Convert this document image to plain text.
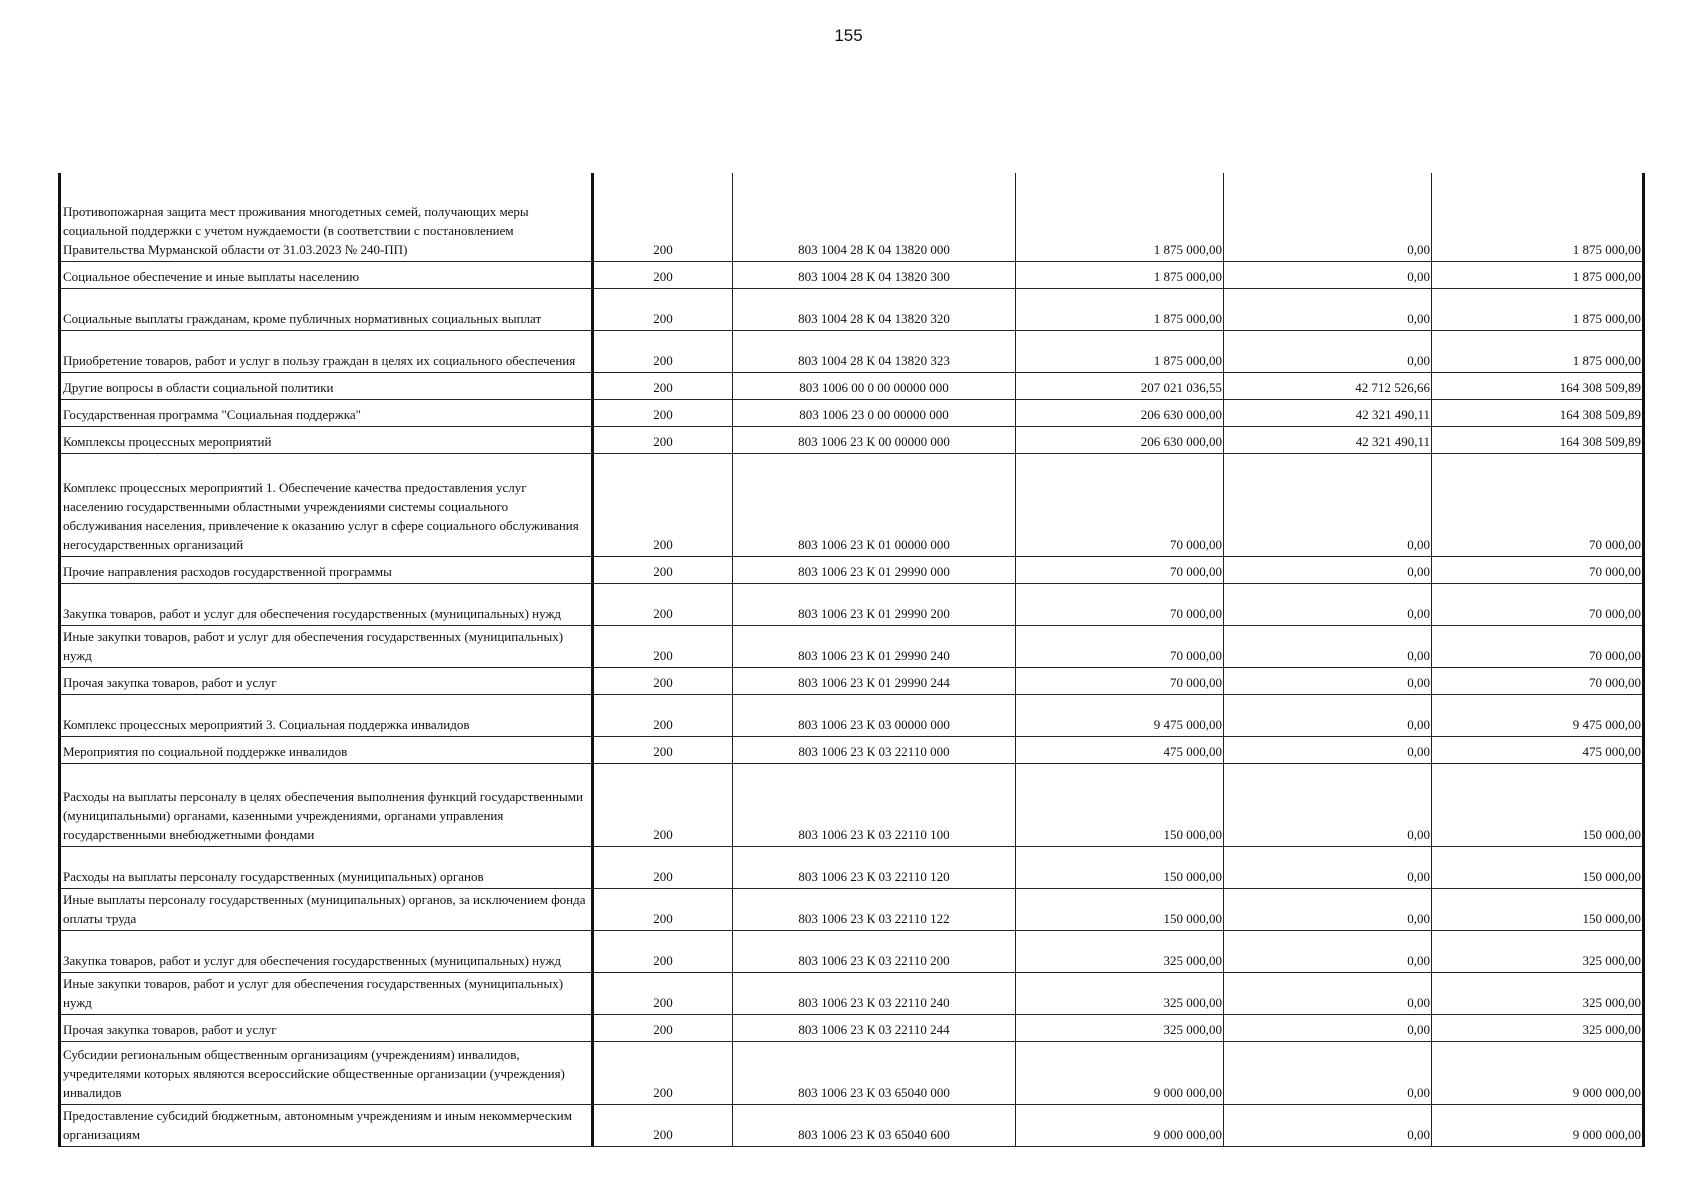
155
Противопожарная защита мест проживания многодетных семей, получающих меры социальной поддержки с учетом нуждаемости (в соответствии с постановлением Правительства Мурманской области от 31.03.2023 № 240-ПП)	200	803 1004 28 К 04 13820 000	1 875 000,00	0,00	1 875 000,00
Социальное обеспечение и иные выплаты населению	200	803 1004 28 К 04 13820 300	1 875 000,00	0,00	1 875 000,00
Социальные выплаты гражданам, кроме публичных нормативных социальных выплат	200	803 1004 28 К 04 13820 320	1 875 000,00	0,00	1 875 000,00
Приобретение товаров, работ и услуг в пользу граждан в целях их социального обеспечения	200	803 1004 28 К 04 13820 323	1 875 000,00	0,00	1 875 000,00
Другие вопросы в области социальной политики	200	803 1006 00 0 00 00000 000	207 021 036,55	42 712 526,66	164 308 509,89
Государственная программа "Социальная поддержка"	200	803 1006 23 0 00 00000 000	206 630 000,00	42 321 490,11	164 308 509,89
Комплексы процессных мероприятий	200	803 1006 23 К 00 00000 000	206 630 000,00	42 321 490,11	164 308 509,89
Комплекс процессных мероприятий 1. Обеспечение качества предоставления услуг населению государственными областными учреждениями системы социального обслуживания населения, привлечение к оказанию услуг в сфере социального обслуживания негосударственных организаций	200	803 1006 23 К 01 00000 000	70 000,00	0,00	70 000,00
Прочие направления расходов государственной программы	200	803 1006 23 К 01 29990 000	70 000,00	0,00	70 000,00
Закупка товаров, работ и услуг для обеспечения государственных (муниципальных) нужд	200	803 1006 23 К 01 29990 200	70 000,00	0,00	70 000,00
Иные закупки товаров, работ и услуг для обеспечения государственных (муниципальных) нужд	200	803 1006 23 К 01 29990 240	70 000,00	0,00	70 000,00
Прочая закупка товаров, работ и услуг	200	803 1006 23 К 01 29990 244	70 000,00	0,00	70 000,00
Комплекс процессных мероприятий 3. Социальная поддержка инвалидов	200	803 1006 23 К 03 00000 000	9 475 000,00	0,00	9 475 000,00
Мероприятия по социальной поддержке инвалидов	200	803 1006 23 К 03 22110 000	475 000,00	0,00	475 000,00
Расходы на выплаты персоналу в целях обеспечения выполнения функций государственными (муниципальными) органами, казенными учреждениями, органами управления государственными внебюджетными фондами	200	803 1006 23 К 03 22110 100	150 000,00	0,00	150 000,00
Расходы на выплаты персоналу государственных (муниципальных) органов	200	803 1006 23 К 03 22110 120	150 000,00	0,00	150 000,00
Иные выплаты персоналу государственных (муниципальных) органов, за исключением фонда оплаты труда	200	803 1006 23 К 03 22110 122	150 000,00	0,00	150 000,00
Закупка товаров, работ и услуг для обеспечения государственных (муниципальных) нужд	200	803 1006 23 К 03 22110 200	325 000,00	0,00	325 000,00
Иные закупки товаров, работ и услуг для обеспечения государственных (муниципальных) нужд	200	803 1006 23 К 03 22110 240	325 000,00	0,00	325 000,00
Прочая закупка товаров, работ и услуг	200	803 1006 23 К 03 22110 244	325 000,00	0,00	325 000,00
Субсидии региональным общественным организациям (учреждениям) инвалидов, учредителями которых являются всероссийские общественные организации (учреждения) инвалидов	200	803 1006 23 К 03 65040 000	9 000 000,00	0,00	9 000 000,00
Предоставление субсидий бюджетным, автономным учреждениям и иным некоммерческим организациям	200	803 1006 23 К 03 65040 600	9 000 000,00	0,00	9 000 000,00
